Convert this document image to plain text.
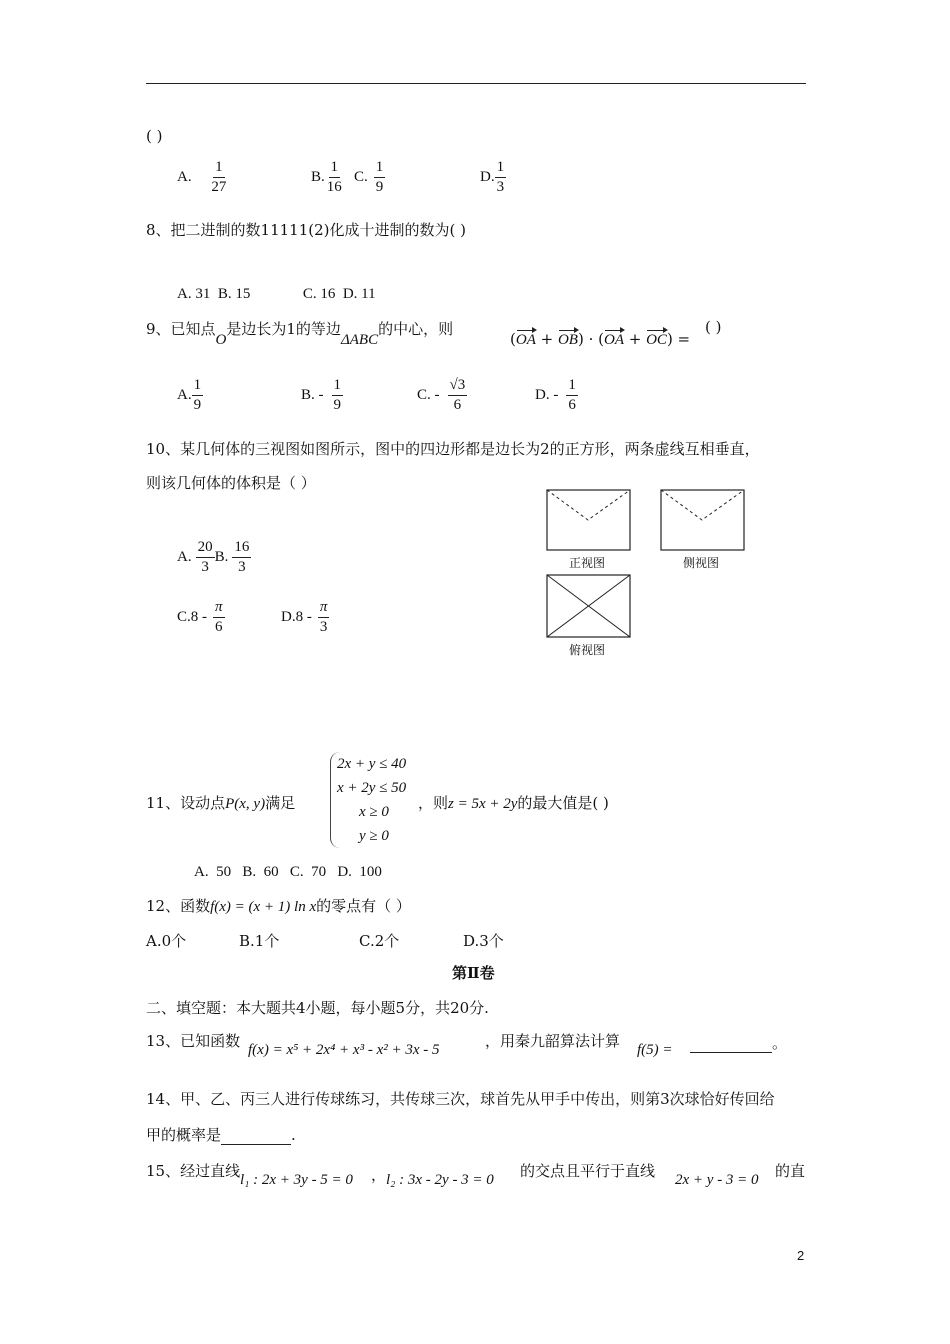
( )
A. $\frac{1}{27}$	B. $\frac{1}{16} C$. $\frac{1}{9}$	D. $\frac{1}{3}$
8、把二进制的数11111(2)化成十进制的数为( )
A. 31  B. 15              C. 16  D. 11
9、已知点O是边长为1的等边ΔABC的中心，则
(OA + OB) · (OA + OC) =
( )
A. $\frac{1}{9}$	B. - $\frac{1}{9}$	C. - $\frac{√3}{6}$	D. - $\frac{1}{6}$
10、某几何体的三视图如图所示，图中的四边形都是边长为2的正方形，两条虚线互相垂直，
则该几何体的体积是（ ）
A. $\frac{20}{3} B$. $\frac{16}{3}$
$C.8 - \frac{\pi}{6}$	$D.8 - \frac{\pi}{3}$
正视图	侧视图
俯视图
11、设动点P(x, y)满足
2x + y ≤ 40
x + 2y ≤ 50
x ≥ 0
y ≥ 0
，则z = 5x + 2y的最大值是( )
A.  50   B.  60   C.  70   D.  100
12、函数f(x) = (x + 1) ln x的零点有（ ）
A.0个	B.1个	C.2个	D.3个
第Ⅱ卷
二、填空题：本大题共4小题，每小题5分，共20分.
13、已知函数 f(x) = x⁵ + 2x⁴ + x³ - x² + 3x - 5	，用秦九韶算法计算 f(5) =	。
14、甲、乙、丙三人进行传球练习，共传球三次，球首先从甲手中传出，则第3次球恰好传回给
甲的概率是	.
15、经过直线 l₁ : 2x + 3y - 5 = 0 ， l₂ : 3x - 2y - 3 = 0 的交点且平行于直线 2x + y - 3 = 0 的直
2
